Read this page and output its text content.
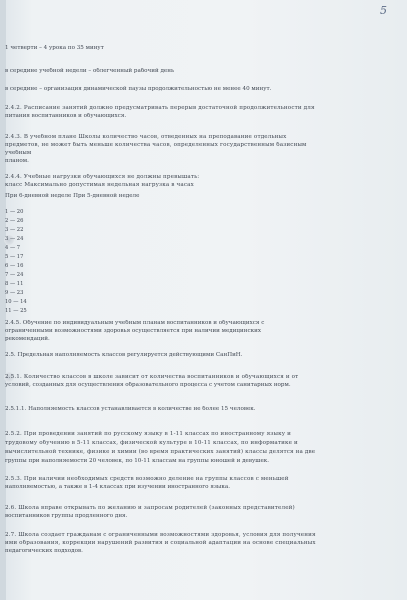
5
1 четверти – 4 урока по 35 минут
в середине учебной недели – облегченный рабочий день
в середине – организация динамической паузы продолжительностью не менее 40 минут.
2.4.2. Расписание занятий должно предусматривать перерыв достаточной продолжительности для
питания воспитанников и обучающихся.
2.4.3. В учебном плане Школы количество часов, отведенных на преподавание отдельных
предметов, не может быть меньше количества часов, определенных государственным базисным
учебным
планом.
2.4.4. Учебные нагрузки обучающихся не должны превышать:
класс Максимально допустимая недельная нагрузка в часах
При 6-дневной неделе При 5-дневной неделе
1 — 20
2 — 26
3 — 22
3 — 24
4 — 7
5 — 17
6 — 16
7 — 24
8 — 11
9 — 23
10 — 14
11 — 25
2.4.5. Обучение по индивидуальным учебным планам воспитанников и обучающихся с
ограниченными возможностями здоровья осуществляется при наличии медицинских
рекомендаций.
2.5. Предельная наполняемость классов регулируется действующими СанПиН.
2.5.1. Количество классов в школе зависит от количества воспитанников и обучающихся и от
условий, созданных для осуществления образовательного процесса с учетом санитарных норм.
2.5.1.1. Наполняемость классов устанавливается в количестве не более 15 человек.
2.5.2. При проведении занятий по русскому языку в 1-11 классах по иностранному языку и
трудовому обучению в 5-11 классах, физической культуре в 10-11 классах, по информатике и
вычислительной технике, физике и химии (во время практических занятий) классы делятся на две
группы при наполняемости 20 человек, по 10-11 классам на группы юношей и девушек.
2.5.3. При наличии необходимых средств возможно деление на группы классов с меньшей
наполняемостью, а также в 1-4 классах при изучении иностранного языка.
2.6. Школа вправе открывать по желанию и запросам родителей (законных представителей)
воспитанников группы продленного дня.
2.7. Школа создает гражданам с ограниченными возможностями здоровья, условия для получения
ими образования, коррекции нарушений развития и социальной адаптации на основе специальных
педагогических подходов.
